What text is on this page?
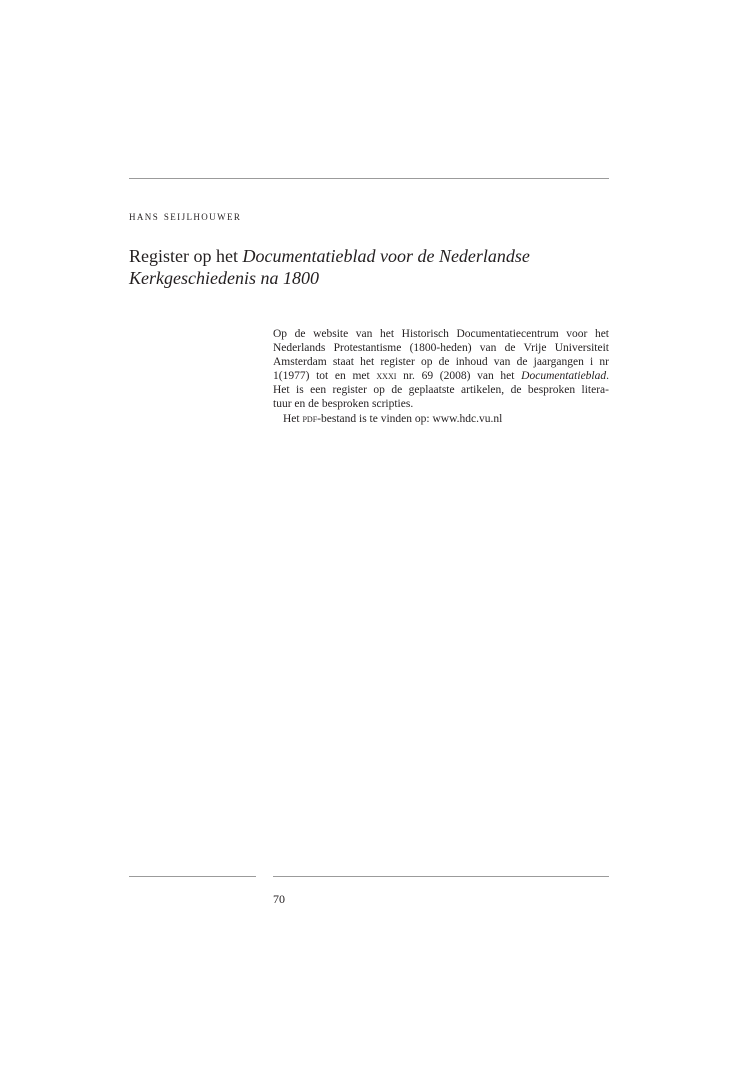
hans seijlhouwer
Register op het Documentatieblad voor de Nederlandse
Kerkgeschiedenis na 1800
Op de website van het Historisch Documentatiecentrum voor het
Nederlands Protestantisme (1800-heden) van de Vrije Universiteit
Amsterdam staat het register op de inhoud van de jaargangen i nr
1(1977) tot en met xxxi nr. 69 (2008) van het Documentatieblad.
Het is een register op de geplaatste artikelen, de besproken litera-
tuur en de besproken scripties.
Het pdf-bestand is te vinden op: www.hdc.vu.nl
70
